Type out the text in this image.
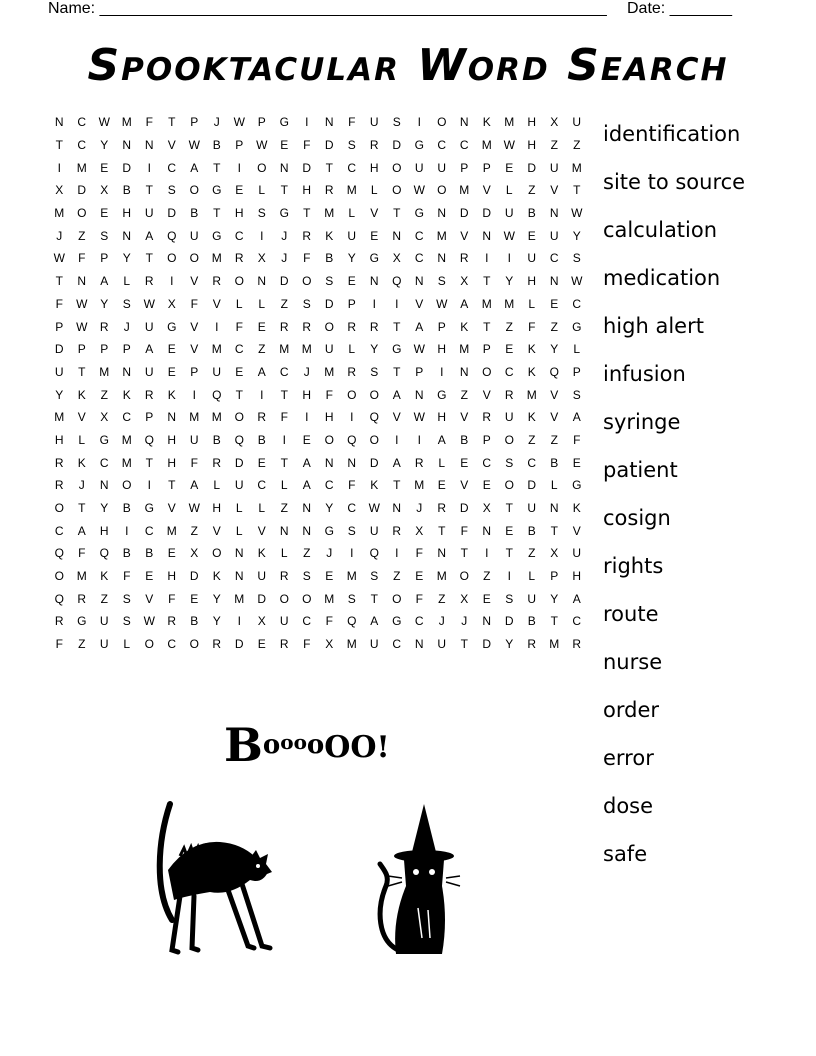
Name: _________________________________________________________ Date: _______
Spooktacular Word Search
N	C	W M	F	T	P	J	W	P	G	I	N	F	U	S	I	O	N	K	M	H	X	U
T	C	Y	N	N	V	W	B	P	W	E	F	D	S	R	D	G	C	C	M W	H	Z	Z
I	M	E	D	I	C	A	T	I	O	N	D	T	C	H	O	U	U	P	P	E	D	U	M
X	D	X	B	T	S	O	G	E	L	T	H	R	M	L	O	W	O	M	V	L	Z	V	T
M	O	E	H	U	D	B	T	H	S	G	T	M	L	V	T	G	N	D	D	U	B	N	W
J	Z	S	N	A	Q	U	G	C	I	J	R	K	U	E	N	C	M	V	N	W	E	U	Y
W	F	P	Y	T	O	O	M	R	X	J	F	B	Y	G	X	C	N	R	I	I	U	C	S
T	N	A	L	R	I	V	R	O	N	D	O	S	E	N	Q	N	S	X	T	Y	H	N	W
F	W	Y	S	W	X	F	V	L	L	Z	S	D	P	I	I	V	W	A	M	M	L	E	C
P	W	R	J	U	G	V	I	F	E	R	R	O	R	R	T	A	P	K	T	Z	F	Z	G
D	P	P	P	A	E	V	M	C	Z	M	M	U	L	Y	G	W	H	M	P	E	K	Y	L
U	T	M	N	U	E	P	U	E	A	C	J	M	R	S	T	P	I	N	O	C	K	Q	P
Y	K	Z	K	R	K	I	Q	T	I	T	H	F	O	O	A	N	G	Z	V	R	M	V	S
M	V	X	C	P	N	M	M	O	R	F	I	H	I	Q	V	W	H	V	R	U	K	V	A
H	L	G	M	Q	H	U	B	Q	B	I	E	O	Q	O	I	I	A	B	P	O	Z	Z	F
R	K	C	M	T	H	F	R	D	E	T	A	N	N	D	A	R	L	E	C	S	C	B	E
R	J	N	O	I	T	A	L	U	C	L	A	C	F	K	T	M	E	V	E	O	D	L	G
O	T	Y	B	G	V	W	H	L	L	Z	N	Y	C	W	N	J	R	D	X	T	U	N	K
C	A	H	I	C	M	Z	V	L	V	N	N	G	S	U	R	X	T	F	N	E	B	T	V
Q	F	Q	B	B	E	X	O	N	K	L	Z	J	I	Q	I	F	N	T	I	T	Z	X	U
O	M	K	F	E	H	D	K	N	U	R	S	E	M	S	Z	E	M	O	Z	I	L	P	H
Q	R	Z	S	V	F	E	Y	M	D	O	O	M	S	T	O	F	Z	X	E	S	U	Y	A
R	G	U	S	W	R	B	Y	I	X	U	C	F	Q	A	G	C	J	J	N	D	B	T	C
F	Z	U	L	O	C	O	R	D	E	R	F	X	M	U	C	N	U	T	D	Y	R	M	R
identification
site to source
calculation
medication
high alert
infusion
syringe
patient
cosign
rights
route
nurse
order
error
dose
safe
$Bo^{oo}oOO$!
